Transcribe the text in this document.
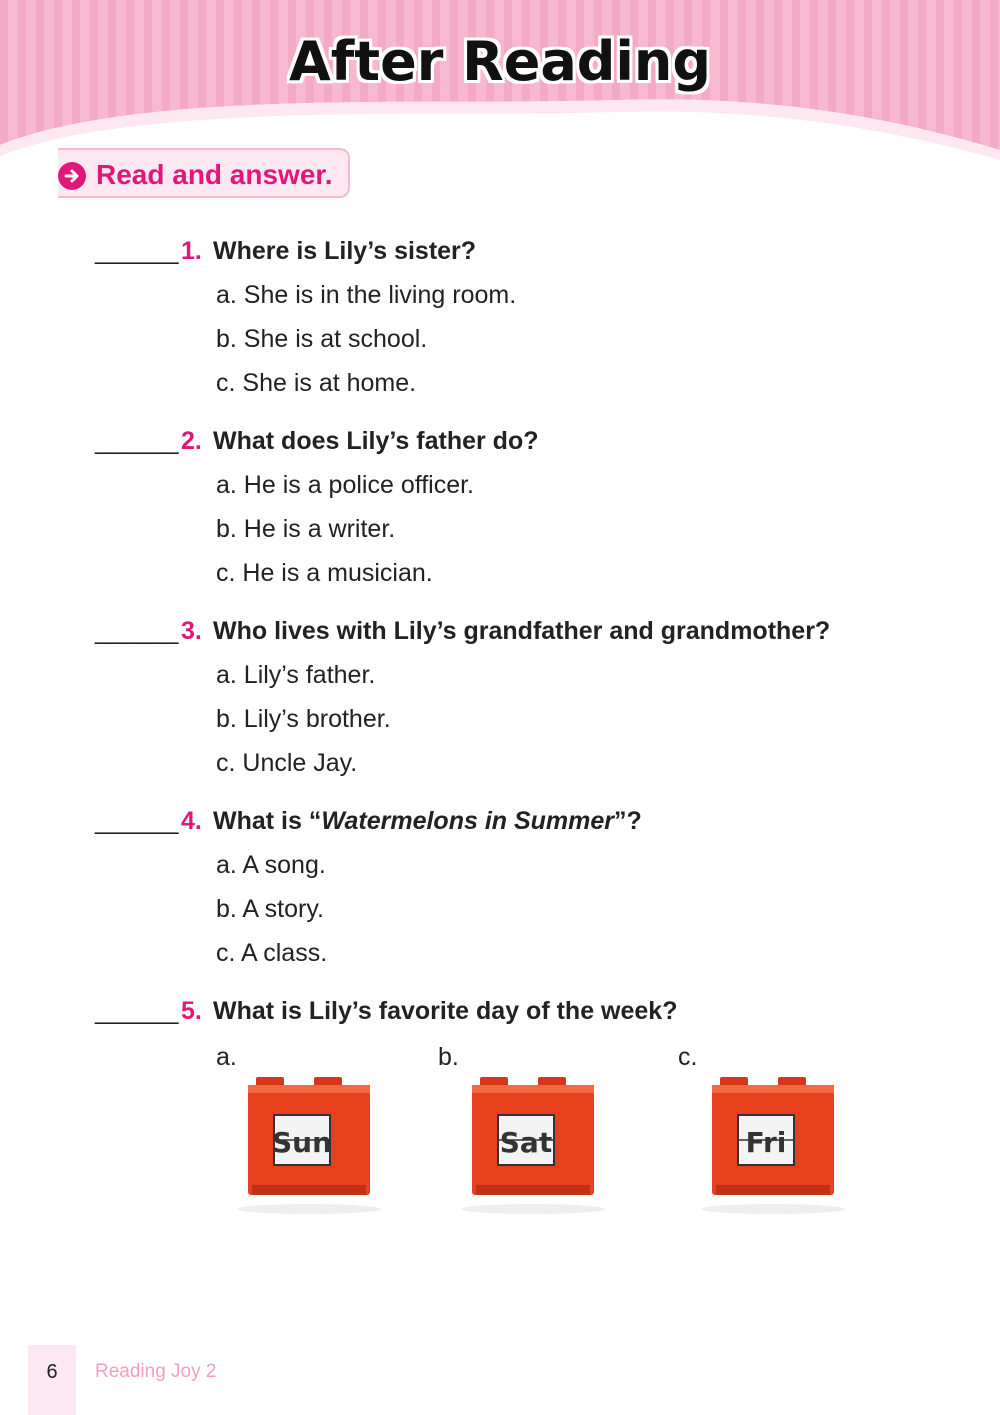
After Reading
Read and answer.
______ 1. Where is Lily’s sister?
a. She is in the living room.
b. She is at school.
c. She is at home.
______ 2. What does Lily’s father do?
a. He is a police officer.
b. He is a writer.
c. He is a musician.
______ 3. Who lives with Lily’s grandfather and grandmother?
a. Lily’s father.
b. Lily’s brother.
c. Uncle Jay.
______ 4. What is “Watermelons in Summer”?
a. A song.
b. A story.
c. A class.
______ 5. What is Lily’s favorite day of the week?
a.
Sun
b.
Sat
c.
Fri
6	Reading Joy 2
